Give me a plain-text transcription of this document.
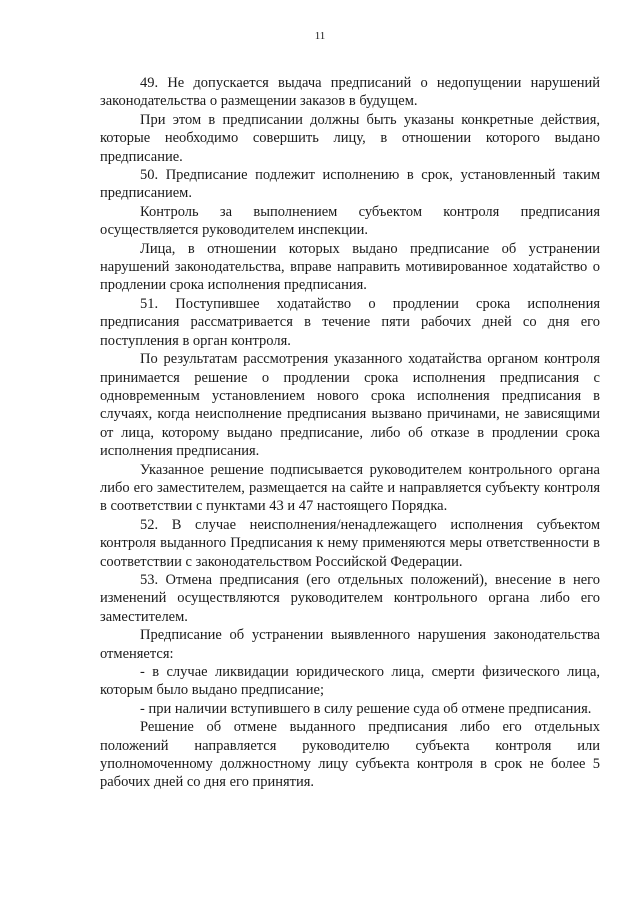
11

49. Не допускается выдача предписаний о недопущении нарушений законодательства о размещении заказов в будущем.

При этом в предписании должны быть указаны конкретные действия, которые необходимо совершить лицу, в отношении которого выдано предписание.

50. Предписание подлежит исполнению в срок, установленный таким предписанием.

Контроль за выполнением субъектом контроля предписания осуществляется руководителем инспекции.

Лица, в отношении которых выдано предписание об устранении нарушений законодательства, вправе направить мотивированное ходатайство о продлении срока исполнения предписания.

51. Поступившее ходатайство о продлении срока исполнения предписания рассматривается в течение пяти рабочих дней со дня его поступления в орган контроля.

По результатам рассмотрения указанного ходатайства органом контроля принимается решение о продлении срока исполнения предписания с одновременным установлением нового срока исполнения предписания в случаях, когда неисполнение предписания вызвано причинами, не зависящими от лица, которому выдано предписание, либо об отказе в продлении срока исполнения предписания.

Указанное решение подписывается руководителем контрольного органа либо его заместителем, размещается на сайте и направляется субъекту контроля в соответствии с пунктами 43 и 47 настоящего Порядка.

52. В случае неисполнения/ненадлежащего исполнения субъектом контроля выданного Предписания к нему применяются меры ответственности в соответствии с законодательством Российской Федерации.

53. Отмена предписания (его отдельных положений), внесение в него изменений осуществляются руководителем контрольного органа либо его заместителем.

Предписание об устранении выявленного нарушения законодательства отменяется:

- в случае ликвидации юридического лица, смерти физического лица, которым было выдано предписание;

- при наличии вступившего в силу решение суда об отмене предписания.

Решение об отмене выданного предписания либо его отдельных положений направляется руководителю субъекта контроля или уполномоченному должностному лицу субъекта контроля в срок не более 5 рабочих дней со дня его принятия.
